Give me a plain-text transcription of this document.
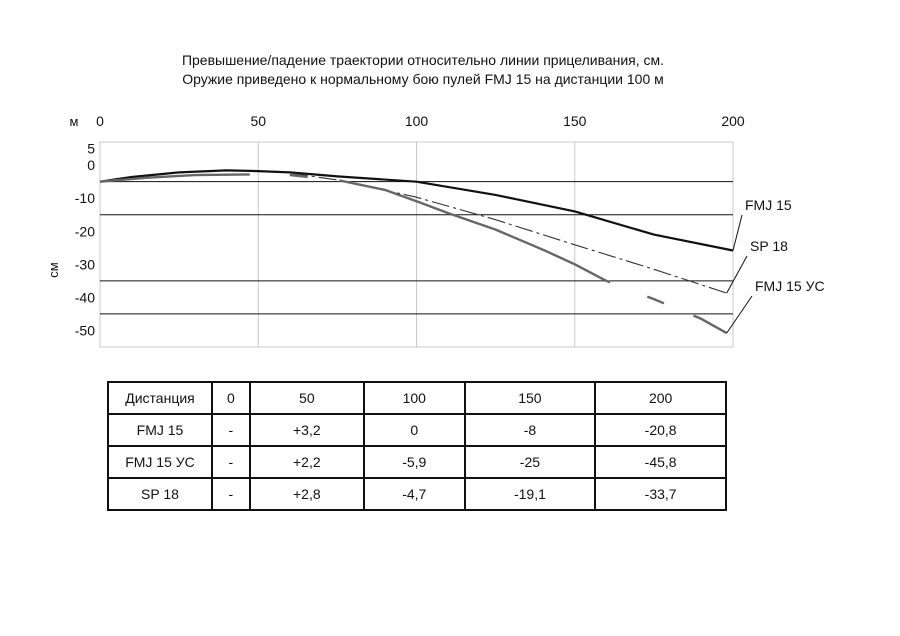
Превышение/падение траектории относительно линии прицеливания, см.
Оружие приведено к нормальному бою пулей FMJ 15 на дистанции 100 м
м
см
0	50	100	150	200
5
0
-10
-20
-30
-40
-50
FMJ 15
SP 18
FMJ 15 УС
Дистанция	0	50	100	150	200
FMJ 15	-	+3,2	0	-8	-20,8
FMJ 15 УС	-	+2,2	-5,9	-25	-45,8
SP 18	-	+2,8	-4,7	-19,1	-33,7
